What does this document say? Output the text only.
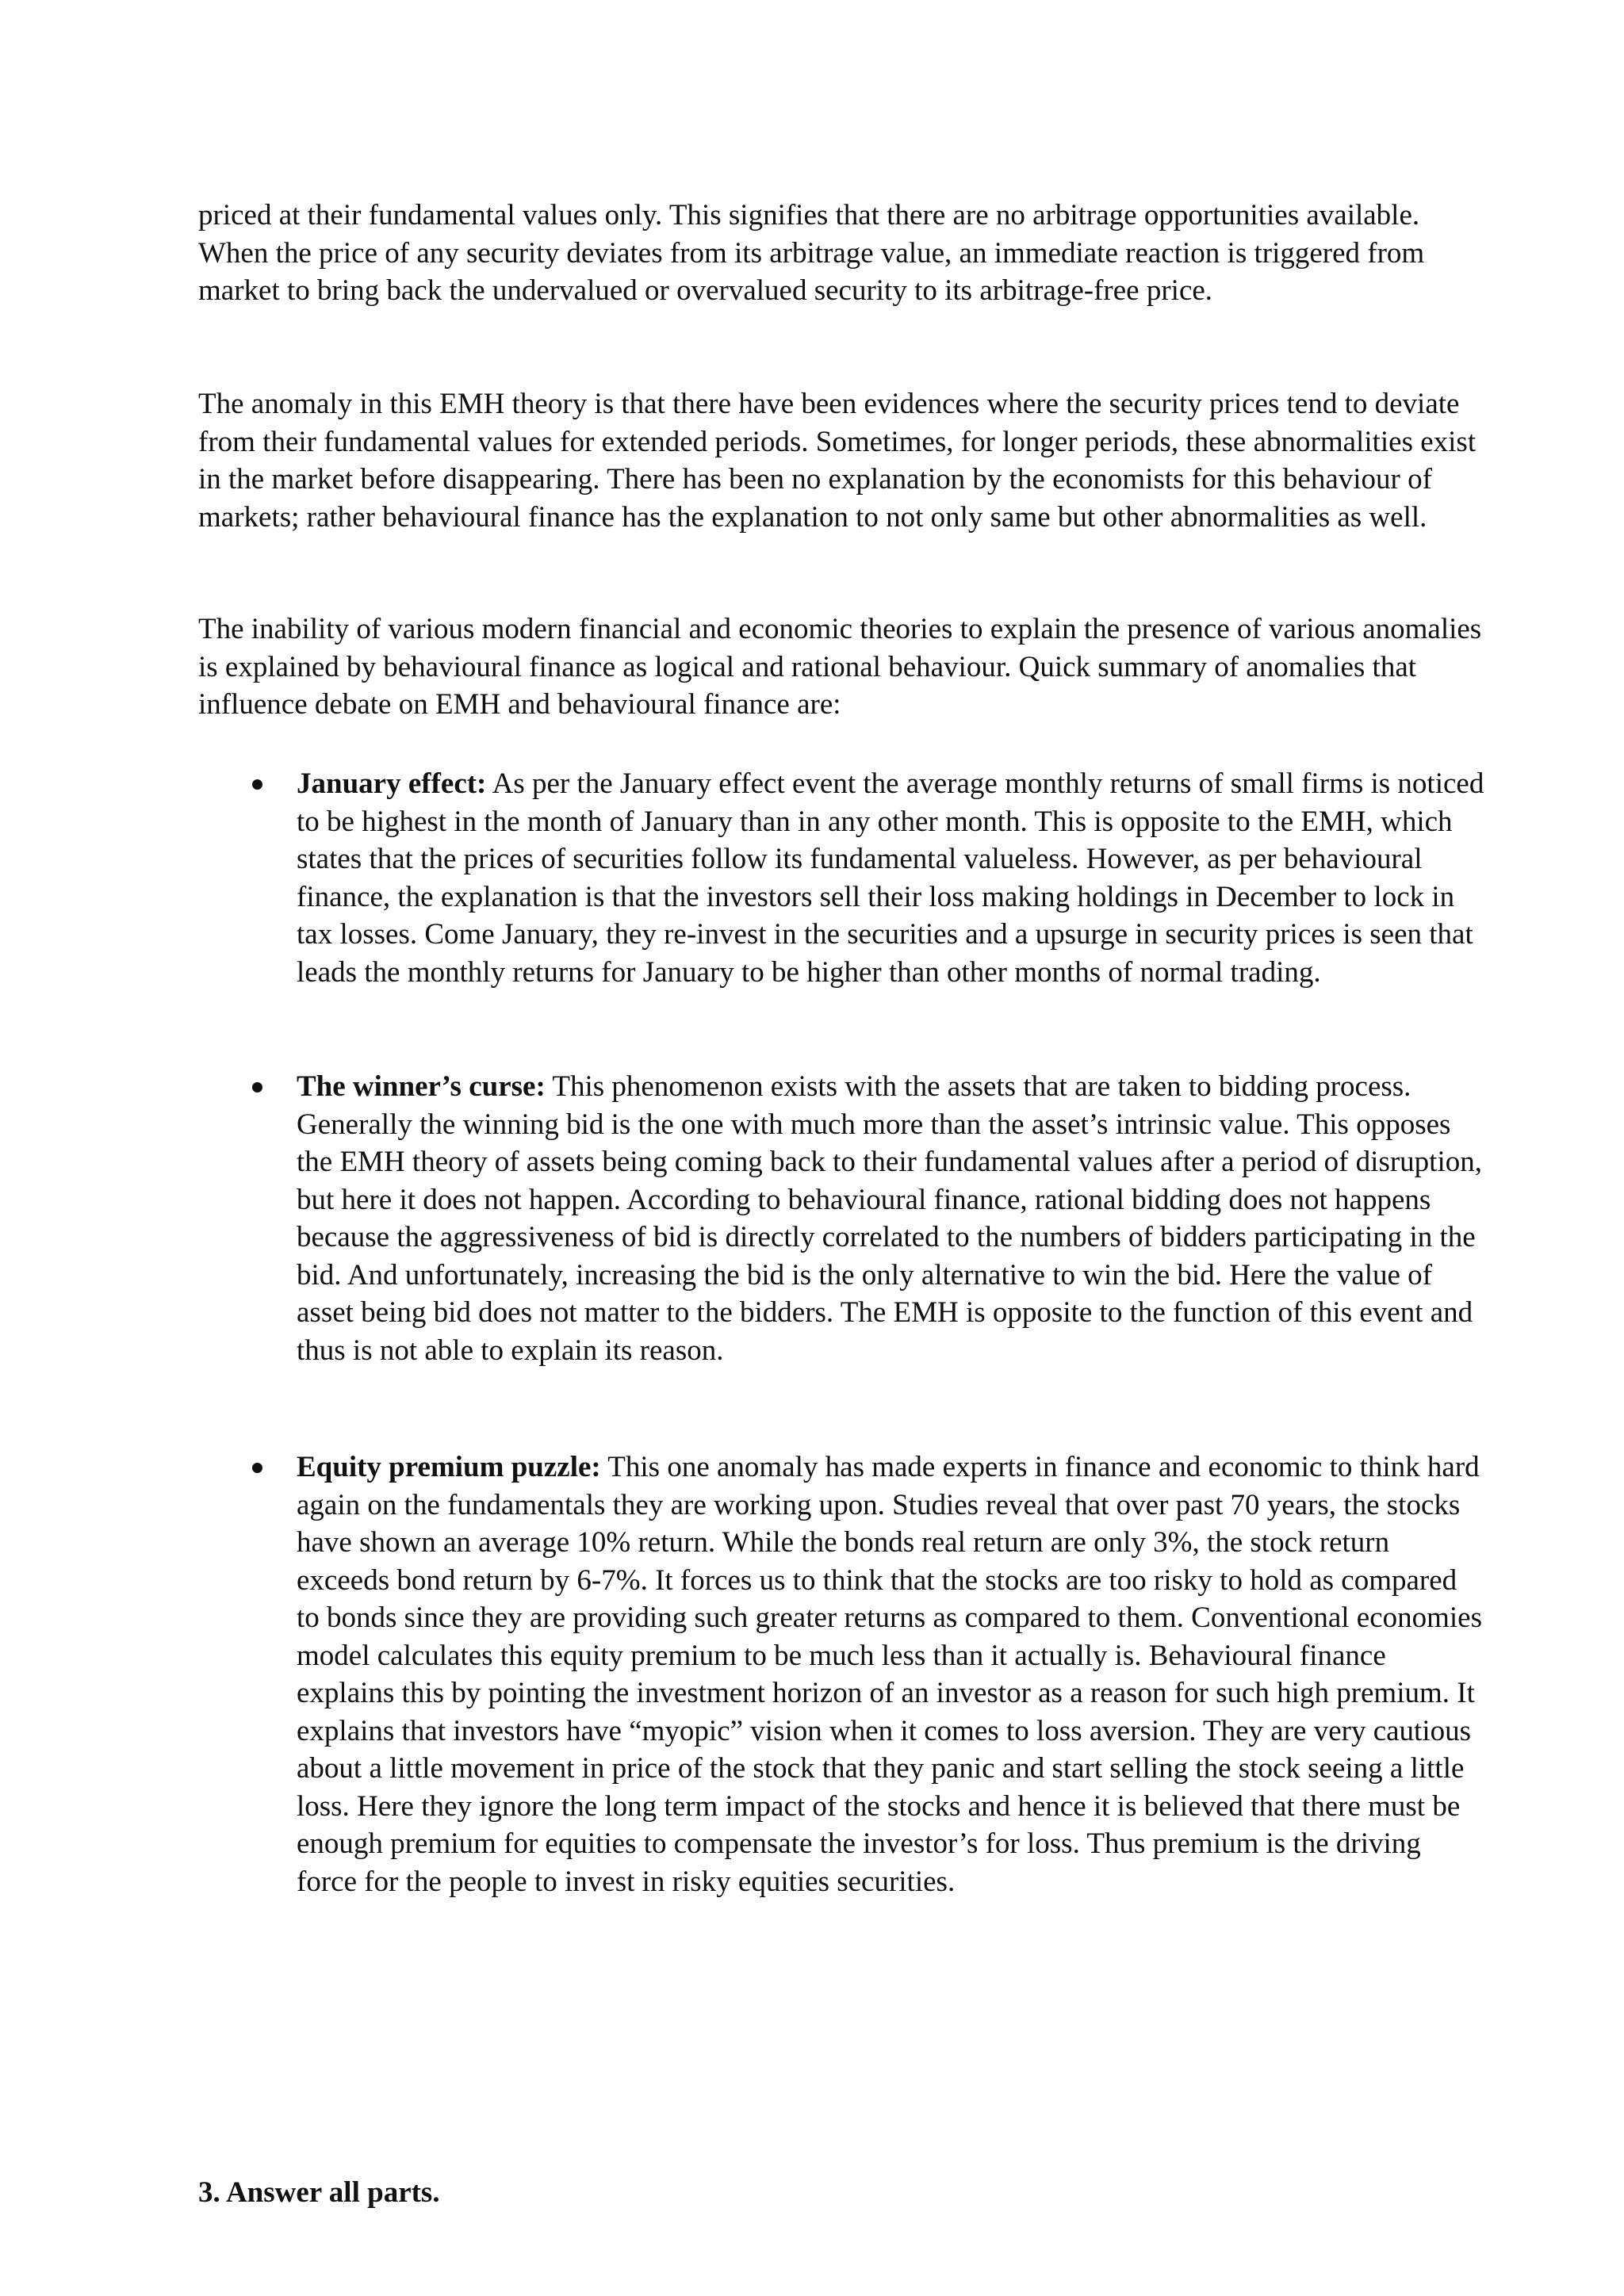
priced at their fundamental values only. This signifies that there are no arbitrage opportunities available. When the price of any security deviates from its arbitrage value, an immediate reaction is triggered from market to bring back the undervalued or overvalued security to its arbitrage-free price.

The anomaly in this EMH theory is that there have been evidences where the security prices tend to deviate from their fundamental values for extended periods. Sometimes, for longer periods, these abnormalities exist in the market before disappearing. There has been no explanation by the economists for this behaviour of markets; rather behavioural finance has the explanation to not only same but other abnormalities as well.

The inability of various modern financial and economic theories to explain the presence of various anomalies is explained by behavioural finance as logical and rational behaviour. Quick summary of anomalies that influence debate on EMH and behavioural finance are:

January effect: As per the January effect event the average monthly returns of small firms is noticed to be highest in the month of January than in any other month. This is opposite to the EMH, which states that the prices of securities follow its fundamental valueless. However, as per behavioural finance, the explanation is that the investors sell their loss making holdings in December to lock in tax losses. Come January, they re-invest in the securities and a upsurge in security prices is seen that leads the monthly returns for January to be higher than other months of normal trading.

The winner’s curse: This phenomenon exists with the assets that are taken to bidding process. Generally the winning bid is the one with much more than the asset’s intrinsic value. This opposes the EMH theory of assets being coming back to their fundamental values after a period of disruption, but here it does not happen. According to behavioural finance, rational bidding does not happens because the aggressiveness of bid is directly correlated to the numbers of bidders participating in the bid. And unfortunately, increasing the bid is the only alternative to win the bid. Here the value of asset being bid does not matter to the bidders. The EMH is opposite to the function of this event and thus is not able to explain its reason.

Equity premium puzzle: This one anomaly has made experts in finance and economic to think hard again on the fundamentals they are working upon. Studies reveal that over past 70 years, the stocks have shown an average 10% return. While the bonds real return are only 3%, the stock return exceeds bond return by 6-7%. It forces us to think that the stocks are too risky to hold as compared to bonds since they are providing such greater returns as compared to them. Conventional economies model calculates this equity premium to be much less than it actually is. Behavioural finance explains this by pointing the investment horizon of an investor as a reason for such high premium. It explains that investors have “myopic” vision when it comes to loss aversion. They are very cautious about a little movement in price of the stock that they panic and start selling the stock seeing a little loss. Here they ignore the long term impact of the stocks and hence it is believed that there must be enough premium for equities to compensate the investor’s for loss. Thus premium is the driving force for the people to invest in risky equities securities.

3. Answer all parts.
